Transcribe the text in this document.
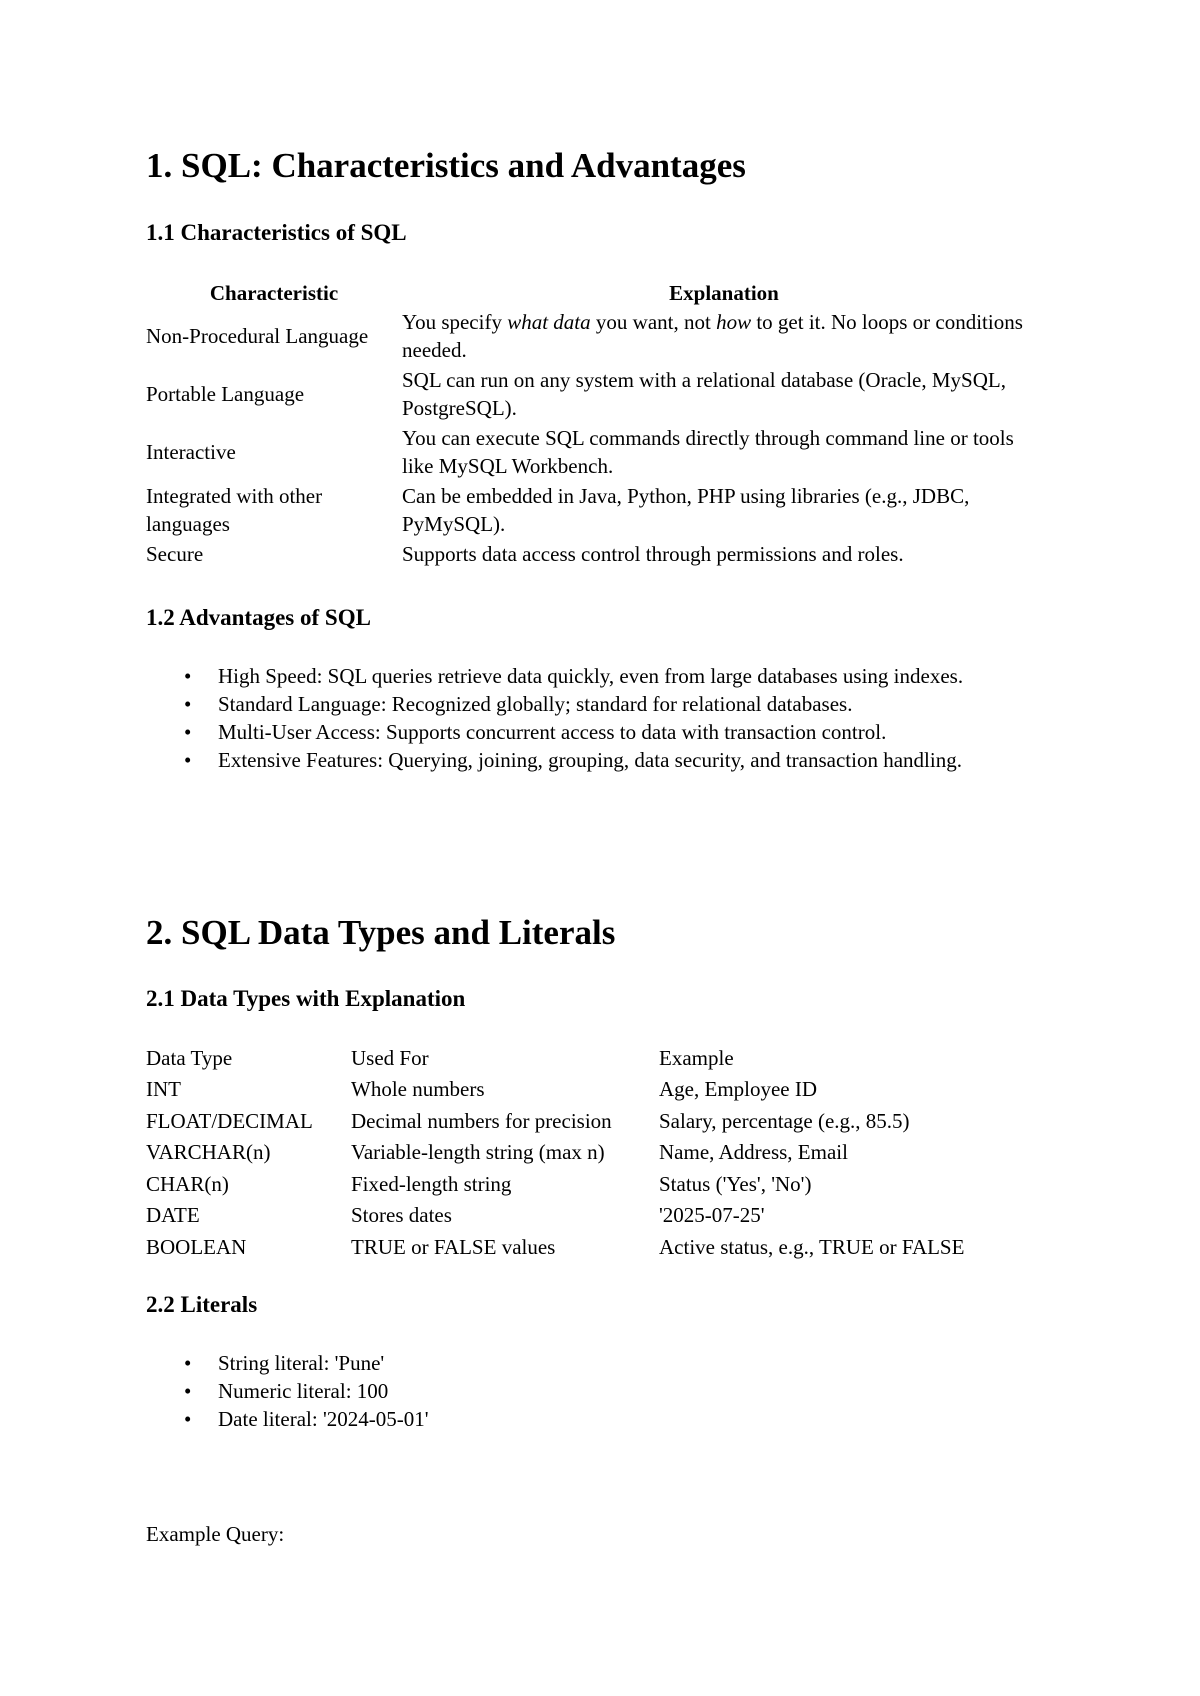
1. SQL: Characteristics and Advantages
1.1 Characteristics of SQL
Characteristic	Explanation
Non-Procedural Language	You specify what data you want, not how to get it. No loops or conditions needed.
Portable Language	SQL can run on any system with a relational database (Oracle, MySQL, PostgreSQL).
Interactive	You can execute SQL commands directly through command line or tools like MySQL Workbench.
Integrated with other languages	Can be embedded in Java, Python, PHP using libraries (e.g., JDBC, PyMySQL).
Secure	Supports data access control through permissions and roles.
1.2 Advantages of SQL
• High Speed: SQL queries retrieve data quickly, even from large databases using indexes.
• Standard Language: Recognized globally; standard for relational databases.
• Multi-User Access: Supports concurrent access to data with transaction control.
• Extensive Features: Querying, joining, grouping, data security, and transaction handling.
2. SQL Data Types and Literals
2.1 Data Types with Explanation
Data Type	Used For	Example
INT	Whole numbers	Age, Employee ID
FLOAT/DECIMAL	Decimal numbers for precision	Salary, percentage (e.g., 85.5)
VARCHAR(n)	Variable-length string (max n)	Name, Address, Email
CHAR(n)	Fixed-length string	Status ('Yes', 'No')
DATE	Stores dates	'2025-07-25'
BOOLEAN	TRUE or FALSE values	Active status, e.g., TRUE or FALSE
2.2 Literals
• String literal: 'Pune'
• Numeric literal: 100
• Date literal: '2024-05-01'
Example Query:
